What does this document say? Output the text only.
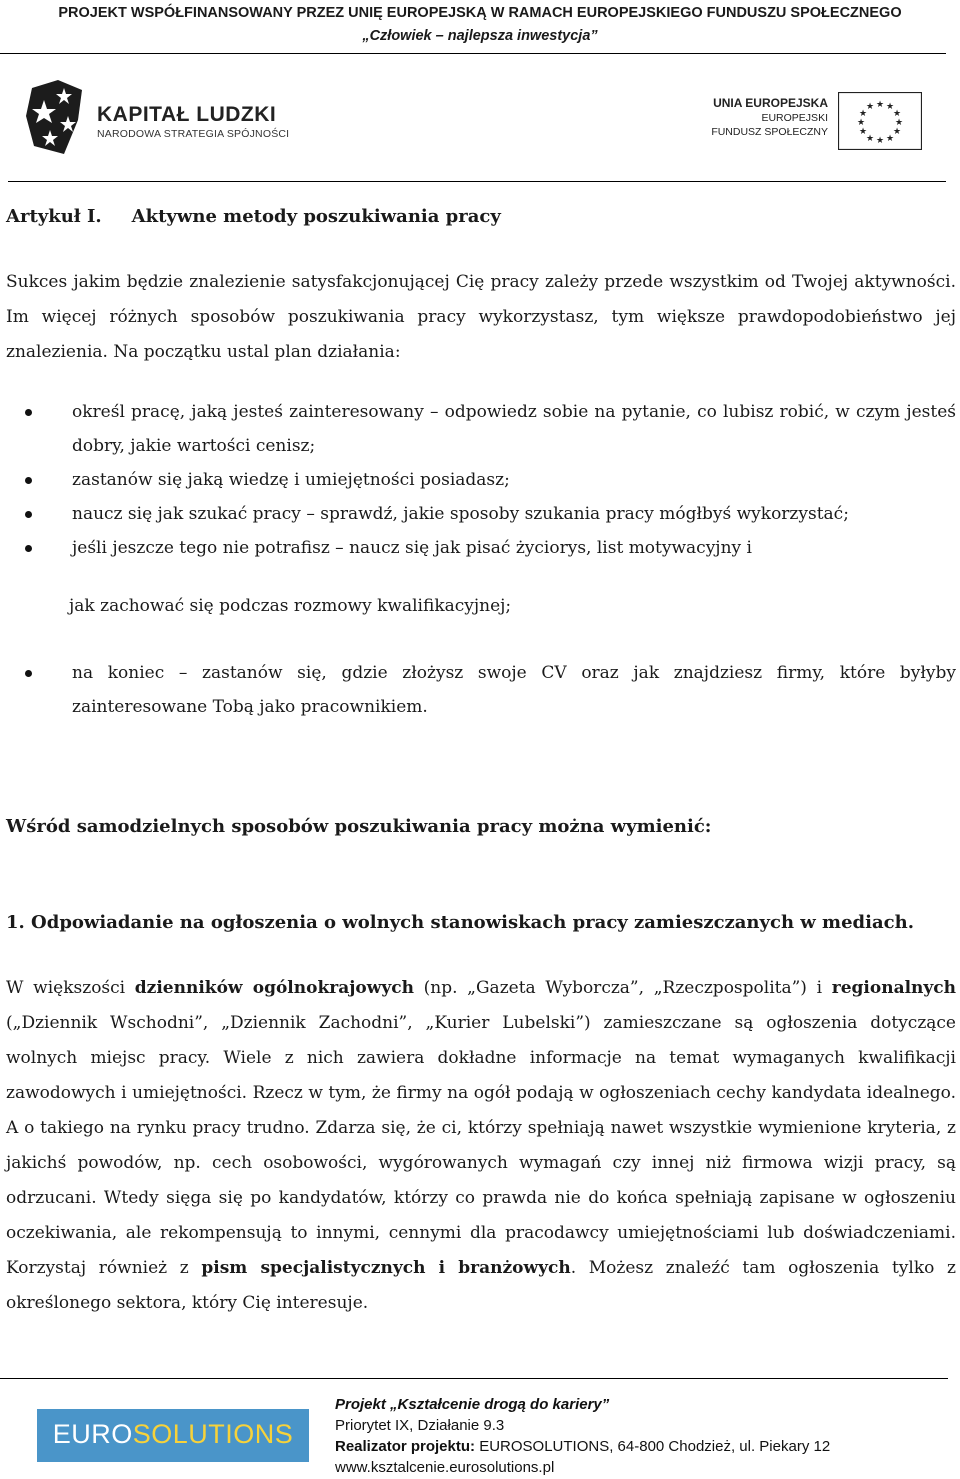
PROJEKT WSPÓŁFINANSOWANY PRZEZ UNIĘ EUROPEJSKĄ W RAMACH EUROPEJSKIEGO FUNDUSZU SPOŁECZNEGO
„Człowiek – najlepsza inwestycja”
KAPITAŁ LUDZKI
NARODOWA STRATEGIA SPÓJNOŚCI
UNIA EUROPEJSKA
EUROPEJSKI
FUNDUSZ SPOŁECZNY
★ ★
★
★
★
★
★
★
★
★
★
★
Artykuł I. Aktywne metody poszukiwania pracy

Sukces jakim będzie znalezienie satysfakcjonującej Cię pracy zależy przede wszystkim od Twojej aktywności. Im więcej różnych sposobów poszukiwania pracy wykorzystasz, tym większe prawdopodobieństwo jej znalezienia. Na początku ustal plan działania:

określ pracę, jaką jesteś zainteresowany – odpowiedz sobie na pytanie, co lubisz robić, w czym jesteś dobry, jakie wartości cenisz;
zastanów się jaką wiedzę i umiejętności posiadasz;
naucz się jak szukać pracy – sprawdź, jakie sposoby szukania pracy mógłbyś wykorzystać;
jeśli jeszcze tego nie potrafisz – naucz się jak pisać życiorys, list motywacyjny i
jak zachować się podczas rozmowy kwalifikacyjnej;
na koniec – zastanów się, gdzie złożysz swoje CV oraz jak znajdziesz firmy, które byłyby zainteresowane Tobą jako pracownikiem.
Wśród samodzielnych sposobów poszukiwania pracy można wymienić:
1. Odpowiadanie na ogłoszenia o wolnych stanowiskach pracy zamieszczanych w mediach.

W większości dzienników ogólnokrajowych (np. „Gazeta Wyborcza”, „Rzeczpospolita”) i regionalnych („Dziennik Wschodni”, „Dziennik Zachodni”, „Kurier Lubelski”) zamieszczane są ogłoszenia dotyczące wolnych miejsc pracy. Wiele z nich zawiera dokładne informacje na temat wymaganych kwalifikacji zawodowych i umiejętności. Rzecz w tym, że firmy na ogół podają w ogłoszeniach cechy kandydata idealnego. A o takiego na rynku pracy trudno. Zdarza się, że ci, którzy spełniają nawet wszystkie wymienione kryteria, z jakichś powodów, np. cech osobowości, wygórowanych wymagań czy innej niż firmowa wizji pracy, są odrzucani. Wtedy sięga się po kandydatów, którzy co prawda nie do końca spełniają zapisane w ogłoszeniu oczekiwania, ale rekompensują to innymi, cennymi dla pracodawcy umiejętnościami lub doświadczeniami. Korzystaj również z pism specjalistycznych i branżowych. Możesz znaleźć tam ogłoszenia tylko z określonego sektora, który Cię interesuje.

EUROSOLUTIONS
Projekt „Kształcenie drogą do kariery”
Priorytet IX, Działanie 9.3
Realizator projektu: EUROSOLUTIONS, 64-800 Chodzież, ul. Piekary 12
www.ksztalcenie.eurosolutions.pl
